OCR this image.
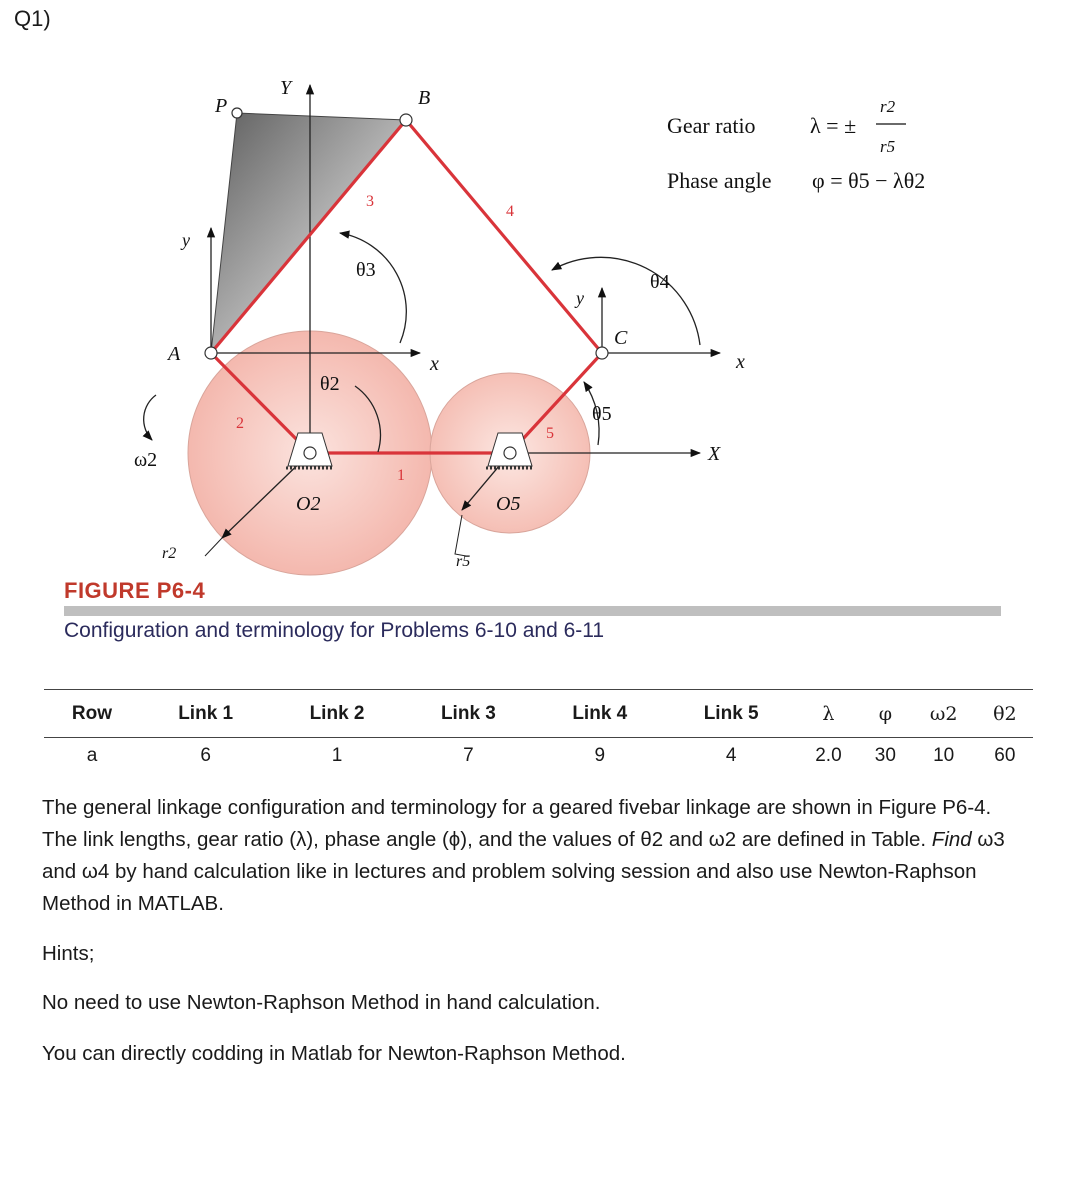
Q1)
Y
P	B
3
4
y
θ3
y
C
θ4
A	x	x
θ2
2	θ5
5
ω2	X
1
O2	O5
r2	r5
Gear ratio λ = ±
r2
r5
Phase angle φ = θ5 − λθ2
FIGURE P6-4
Configuration and terminology for Problems 6-10 and 6-11
Row	Link 1	Link 2	Link 3	Link 4	Link 5	λ	φ	ω2	θ2
a	6	1	7	9	4	2.0	30	10	60

The general linkage configuration and terminology for a geared fivebar linkage are shown in Figure P6-4. The link lengths, gear ratio (λ), phase angle (ϕ), and the values of θ2 and ω2 are defined in Table. Find ω3 and ω4 by hand calculation like in lectures and problem solving session and also use Newton-Raphson Method in MATLAB.

Hints;

No need to use Newton-Raphson Method in hand calculation.

You can directly codding in Matlab for Newton-Raphson Method.
